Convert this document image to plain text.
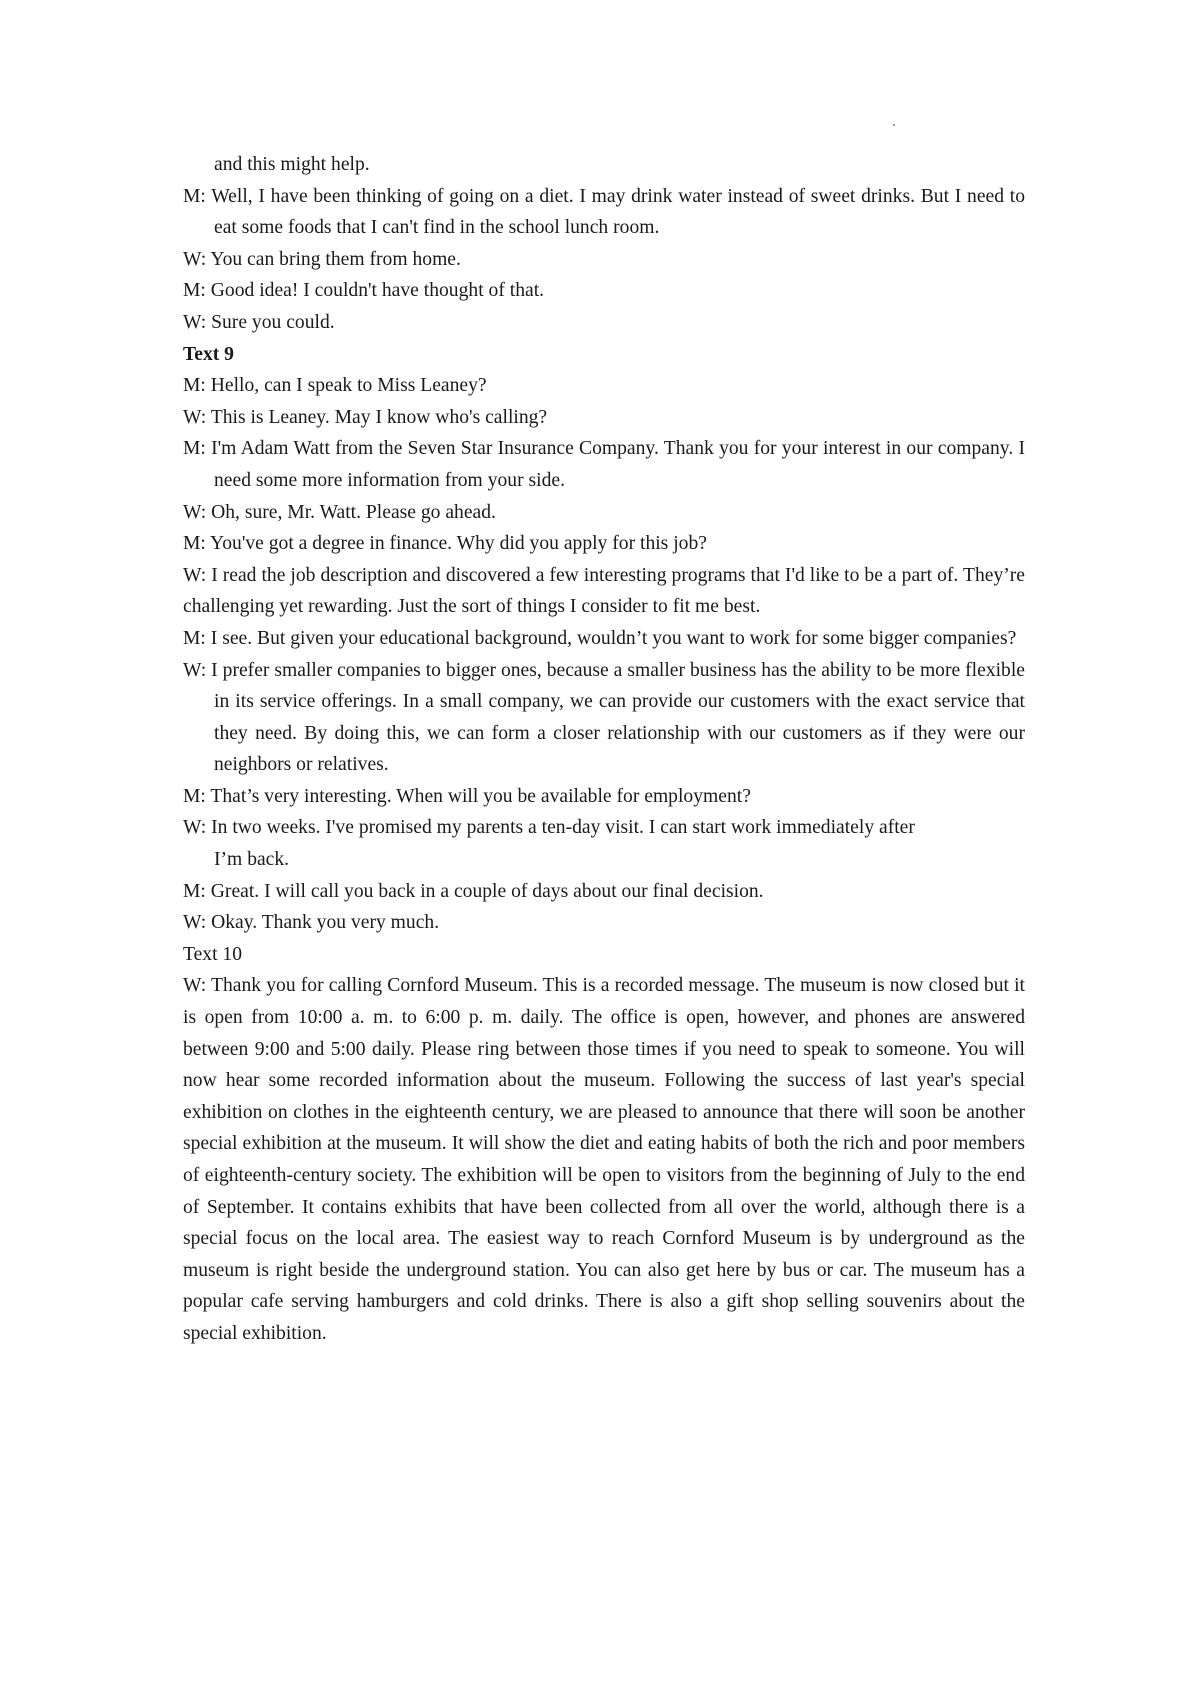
and this might help.

M: Well, I have been thinking of going on a diet. I may drink water instead of sweet drinks. But I need to eat some foods that I can't find in the school lunch room.

W: You can bring them from home.

M: Good idea! I couldn't have thought of that.

W: Sure you could.

Text 9

M: Hello, can I speak to Miss Leaney?

W: This is Leaney. May I know who's calling?

M: I'm Adam Watt from the Seven Star Insurance Company. Thank you for your interest in our company. I need some more information from your side.

W: Oh, sure, Mr. Watt. Please go ahead.

M: You've got a degree in finance. Why did you apply for this job?

W: I read the job description and discovered a few interesting programs that I'd like to be a part of. They’re challenging yet rewarding. Just the sort of things I consider to fit me best.

M: I see. But given your educational background, wouldn’t you want to work for some bigger companies?

W: I prefer smaller companies to bigger ones, because a smaller business has the ability to be more flexible in its service offerings. In a small company, we can provide our customers with the exact service that they need. By doing this, we can form a closer relationship with our customers as if they were our neighbors or relatives.

M: That’s very interesting. When will you be available for employment?

W: In two weeks. I've promised my parents a ten-day visit. I can start work immediately after

I’m back.

M: Great. I will call you back in a couple of days about our final decision.

W: Okay. Thank you very much.

Text 10

W: Thank you for calling Cornford Museum. This is a recorded message. The museum is now closed but it is open from 10:00 a. m. to 6:00 p. m. daily. The office is open, however, and phones are answered between 9:00 and 5:00 daily. Please ring between those times if you need to speak to someone. You will now hear some recorded information about the museum. Following the success of last year's special exhibition on clothes in the eighteenth century, we are pleased to announce that there will soon be another special exhibition at the museum. It will show the diet and eating habits of both the rich and poor members of eighteenth-century society. The exhibition will be open to visitors from the beginning of July to the end of September. It contains exhibits that have been collected from all over the world, although there is a special focus on the local area. The easiest way to reach Cornford Museum is by underground as the museum is right beside the underground station. You can also get here by bus or car. The museum has a popular cafe serving hamburgers and cold drinks. There is also a gift shop selling souvenirs about the special exhibition.
